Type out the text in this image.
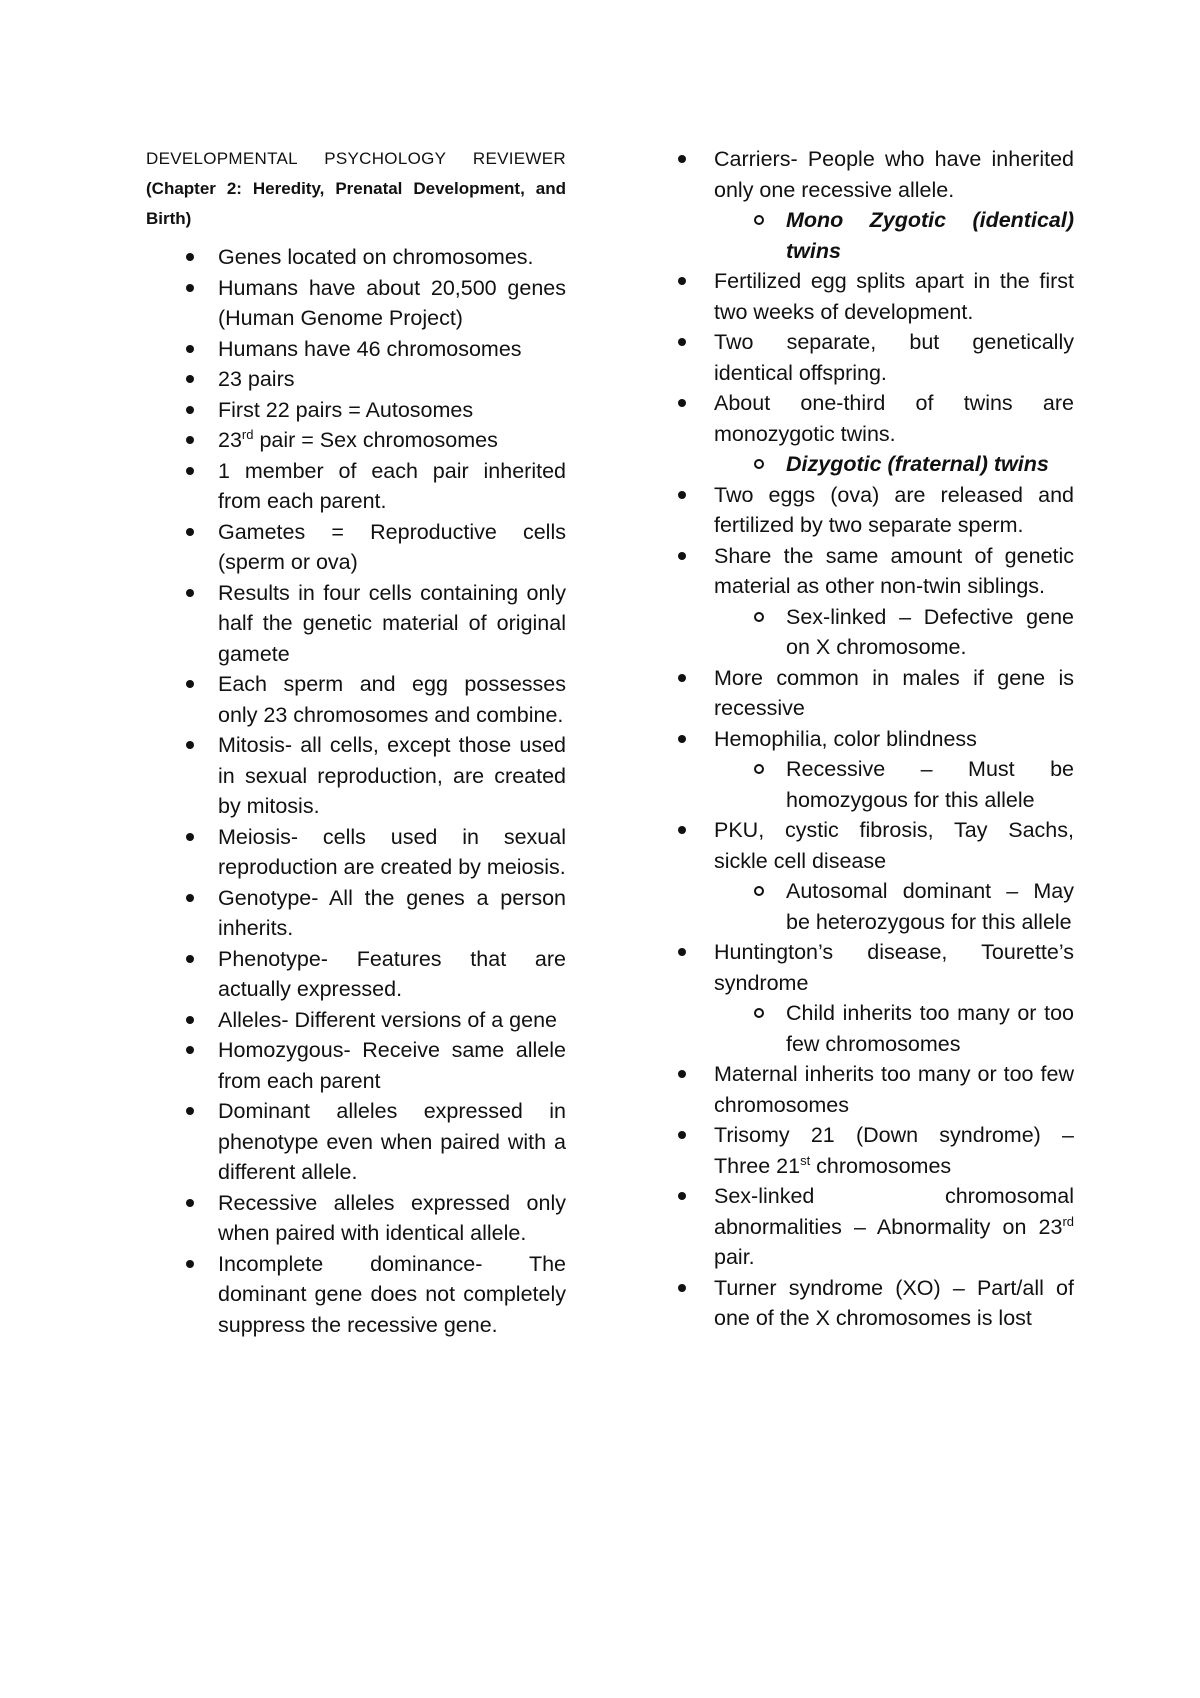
DEVELOPMENTAL PSYCHOLOGY REVIEWER

(Chapter 2: Heredity, Prenatal Development, and Birth)

Genes located on chromosomes.
Humans have about 20,500 genes (Human Genome Project)
Humans have 46 chromosomes
23 pairs
First 22 pairs = Autosomes
23rd pair = Sex chromosomes
1 member of each pair inherited from each parent.
Gametes = Reproductive cells (sperm or ova)
Results in four cells containing only half the genetic material of original gamete
Each sperm and egg possesses only 23 chromosomes and combine.
Mitosis- all cells, except those used in sexual reproduction, are created by mitosis.
Meiosis- cells used in sexual reproduction are created by meiosis.
Genotype- All the genes a person inherits.
Phenotype- Features that are actually expressed.
Alleles- Different versions of a gene
Homozygous- Receive same allele from each parent
Dominant alleles expressed in phenotype even when paired with a different allele.
Recessive alleles expressed only when paired with identical allele.
Incomplete dominance- The dominant gene does not completely suppress the recessive gene.
Carriers- People who have inherited only one recessive allele.
Mono Zygotic (identical) twins
Fertilized egg splits apart in the first two weeks of development.
Two separate, but genetically identical offspring.
About one-third of twins are monozygotic twins.
Dizygotic (fraternal) twins
Two eggs (ova) are released and fertilized by two separate sperm.
Share the same amount of genetic material as other non-twin siblings.
Sex-linked – Defective gene on X chromosome.
More common in males if gene is recessive
Hemophilia, color blindness
Recessive – Must be homozygous for this allele
PKU, cystic fibrosis, Tay Sachs, sickle cell disease
Autosomal dominant – May be heterozygous for this allele
Huntington’s disease, Tourette’s syndrome
Child inherits too many or too few chromosomes
Maternal inherits too many or too few chromosomes
Trisomy 21 (Down syndrome) – Three 21st chromosomes
Sex-linked chromosomal abnormalities – Abnormality on 23rd pair.
Turner syndrome (XO) – Part/all of one of the X chromosomes is lost
